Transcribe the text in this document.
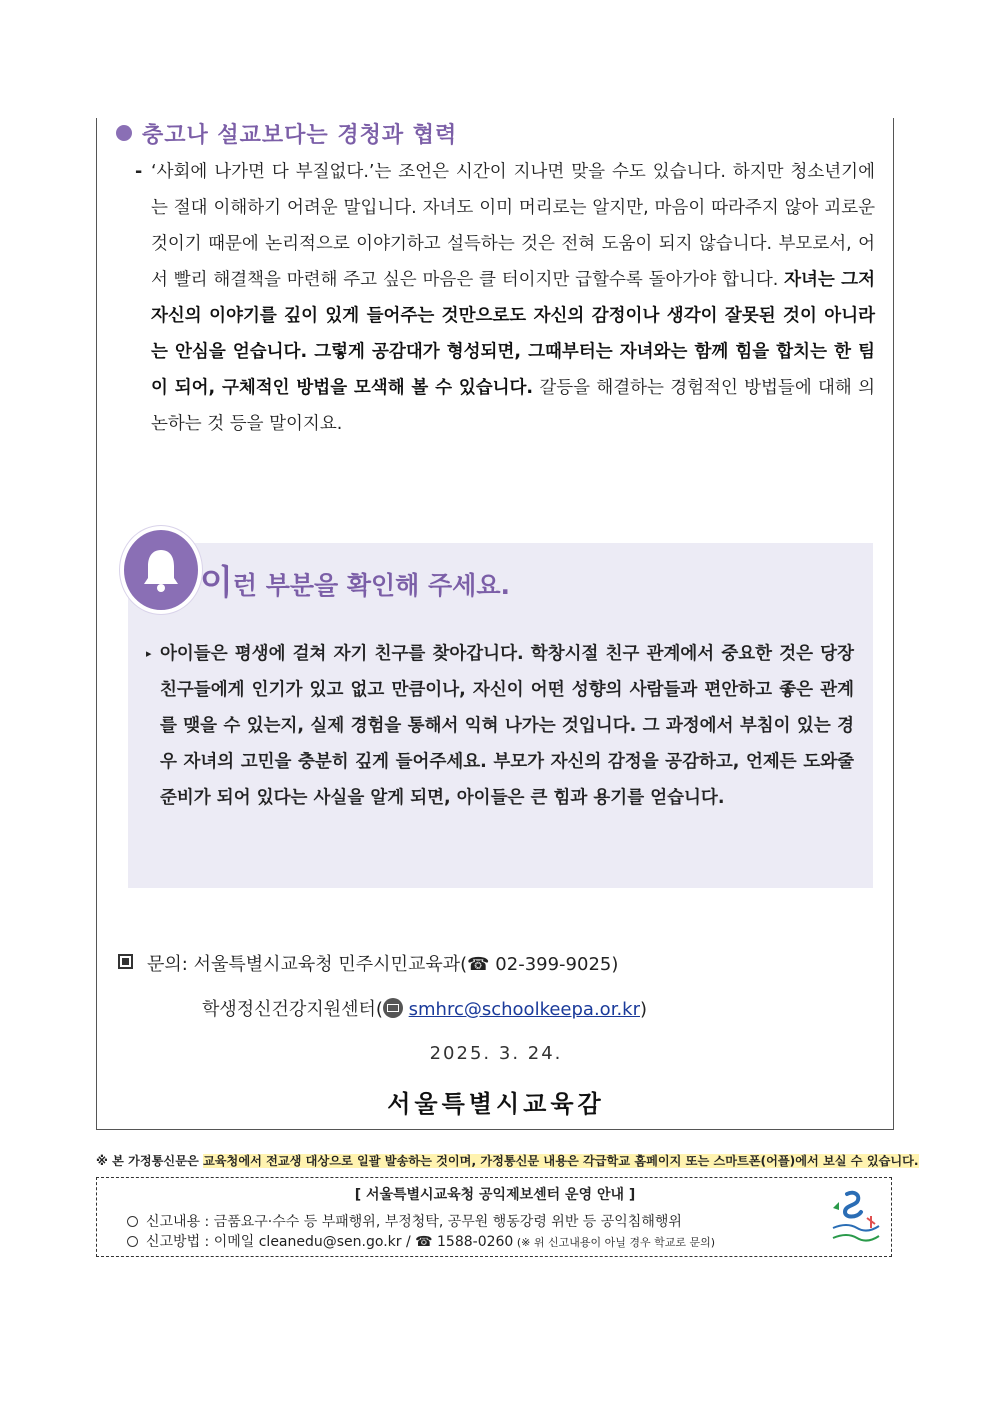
충고나 설교보다는 경청과 협력
- ‘사회에 나가면 다 부질없다.’는 조언은 시간이 지나면 맞을 수도 있습니다. 하지만 청소년기에는 절대 이해하기 어려운 말입니다. 자녀도 이미 머리로는 알지만, 마음이 따라주지 않아 괴로운 것이기 때문에 논리적으로 이야기하고 설득하는 것은 전혀 도움이 되지 않습니다. 부모로서, 어서 빨리 해결책을 마련해 주고 싶은 마음은 클 터이지만 급할수록 돌아가야 합니다. 자녀는 그저 자신의 이야기를 깊이 있게 들어주는 것만으로도 자신의 감정이나 생각이 잘못된 것이 아니라는 안심을 얻습니다. 그렇게 공감대가 형성되면, 그때부터는 자녀와는 함께 힘을 합치는 한 팀이 되어, 구체적인 방법을 모색해 볼 수 있습니다. 갈등을 해결하는 경험적인 방법들에 대해 의논하는 것 등을 말이지요.
이런 부분을 확인해 주세요.
▸ 아이들은 평생에 걸쳐 자기 친구를 찾아갑니다. 학창시절 친구 관계에서 중요한 것은 당장 친구들에게 인기가 있고 없고 만큼이나, 자신이 어떤 성향의 사람들과 편안하고 좋은 관계를 맺을 수 있는지, 실제 경험을 통해서 익혀 나가는 것입니다. 그 과정에서 부침이 있는 경우 자녀의 고민을 충분히 깊게 들어주세요. 부모가 자신의 감정을 공감하고, 언제든 도와줄 준비가 되어 있다는 사실을 알게 되면, 아이들은 큰 힘과 용기를 얻습니다.
문의: 서울특별시교육청 민주시민교육과(☎ 02-399-9025)
학생정신건강지원센터( smhrc@schoolkeepa.or.kr)
2025. 3. 24.
서울특별시교육감
※ 본 가정통신문은 교육청에서 전교생 대상으로 일괄 발송하는 것이며, 가정통신문 내용은 각급학교 홈페이지 또는 스마트폰(어플)에서 보실 수 있습니다.
[ 서울특별시교육청 공익제보센터 운영 안내 ]
신고내용 : 금품요구·수수 등 부패행위, 부정청탁, 공무원 행동강령 위반 등 공익침해행위
신고방법 : 이메일 cleanedu@sen.go.kr / ☎ 1588-0260 (※ 위 신고내용이 아닐 경우 학교로 문의)
